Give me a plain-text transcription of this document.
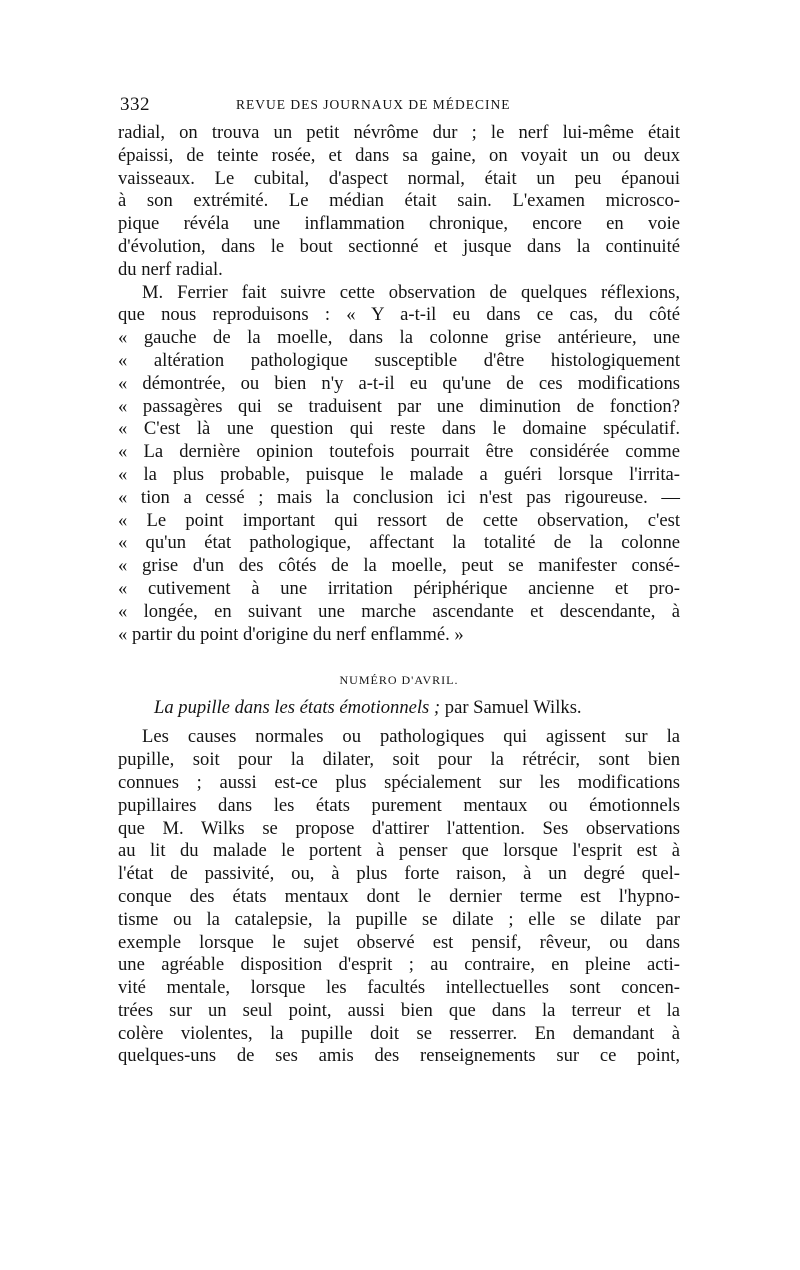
332	REVUE DES JOURNAUX DE MÉDECINE
radial, on trouva un petit névrôme dur ; le nerf lui-même était
épaissi, de teinte rosée, et dans sa gaine, on voyait un ou deux
vaisseaux. Le cubital, d'aspect normal, était un peu épanoui
à son extrémité. Le médian était sain. L'examen microsco-
pique révéla une inflammation chronique, encore en voie
d'évolution, dans le bout sectionné et jusque dans la continuité
du nerf radial.
M. Ferrier fait suivre cette observation de quelques réflexions,
que nous reproduisons : « Y a-t-il eu dans ce cas, du côté
« gauche de la moelle, dans la colonne grise antérieure, une
« altération pathologique susceptible d'être histologiquement
« démontrée, ou bien n'y a-t-il eu qu'une de ces modifications
« passagères qui se traduisent par une diminution de fonction?
« C'est là une question qui reste dans le domaine spéculatif.
« La dernière opinion toutefois pourrait être considérée comme
« la plus probable, puisque le malade a guéri lorsque l'irrita-
« tion a cessé ; mais la conclusion ici n'est pas rigoureuse. —
« Le point important qui ressort de cette observation, c'est
« qu'un état pathologique, affectant la totalité de la colonne
« grise d'un des côtés de la moelle, peut se manifester consé-
« cutivement à une irritation périphérique ancienne et pro-
« longée, en suivant une marche ascendante et descendante, à
« partir du point d'origine du nerf enflammé. »
NUMÉRO D'AVRIL.
La pupille dans les états émotionnels ; par Samuel Wilks.
Les causes normales ou pathologiques qui agissent sur la
pupille, soit pour la dilater, soit pour la rétrécir, sont bien
connues ; aussi est-ce plus spécialement sur les modifications
pupillaires dans les états purement mentaux ou émotionnels
que M. Wilks se propose d'attirer l'attention. Ses observations
au lit du malade le portent à penser que lorsque l'esprit est à
l'état de passivité, ou, à plus forte raison, à un degré quel-
conque des états mentaux dont le dernier terme est l'hypno-
tisme ou la catalepsie, la pupille se dilate ; elle se dilate par
exemple lorsque le sujet observé est pensif, rêveur, ou dans
une agréable disposition d'esprit ; au contraire, en pleine acti-
vité mentale, lorsque les facultés intellectuelles sont concen-
trées sur un seul point, aussi bien que dans la terreur et la
colère violentes, la pupille doit se resserrer. En demandant à
quelques-uns de ses amis des renseignements sur ce point,
